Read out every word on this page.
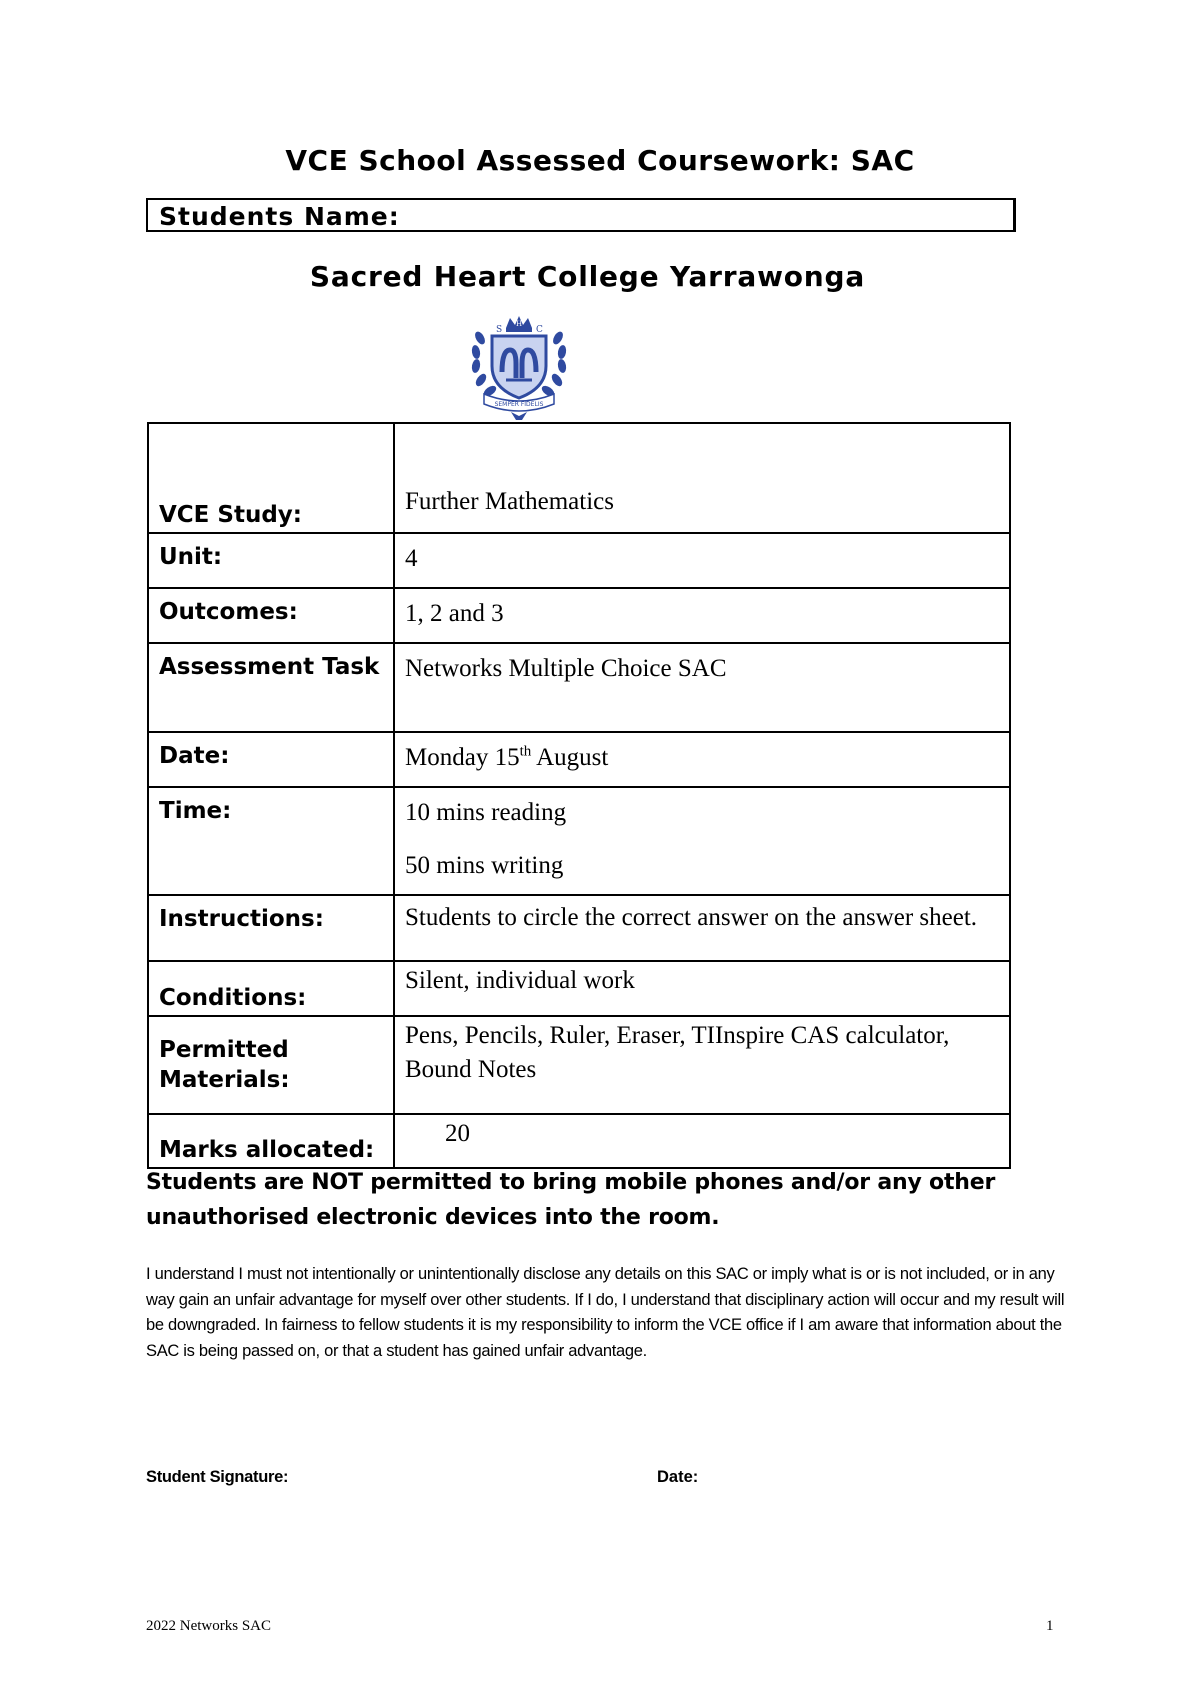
VCE School Assessed Coursework: SAC
Students Name:
Sacred Heart College Yarrawonga
S
H
C
SEMPER FIDELIS
VCE Study:	Further Mathematics
Unit:	4
Outcomes:	1, 2 and 3
Assessment Task	Networks Multiple Choice SAC
Date:	Monday 15th August
Time:	10 mins reading
50 mins writing

Instructions:	Students to circle the correct answer on the answer sheet.
Conditions:	Silent, individual work
Permitted Materials:	Pens, Pencils, Ruler, Eraser, TIInspire CAS calculator, Bound Notes
Marks allocated:	20
Students are NOT permitted to bring mobile phones and/or any other unauthorised electronic devices into the room.
I understand I must not intentionally or unintentionally disclose any details on this SAC or imply what is or is not included, or in any way gain an unfair advantage for myself over other students. If I do, I understand that disciplinary action will occur and my result will be downgraded. In fairness to fellow students it is my responsibility to inform the VCE office if I am aware that information about the SAC is being passed on, or that a student has gained unfair advantage.
Student Signature:	Date:
2022 Networks SAC	1
